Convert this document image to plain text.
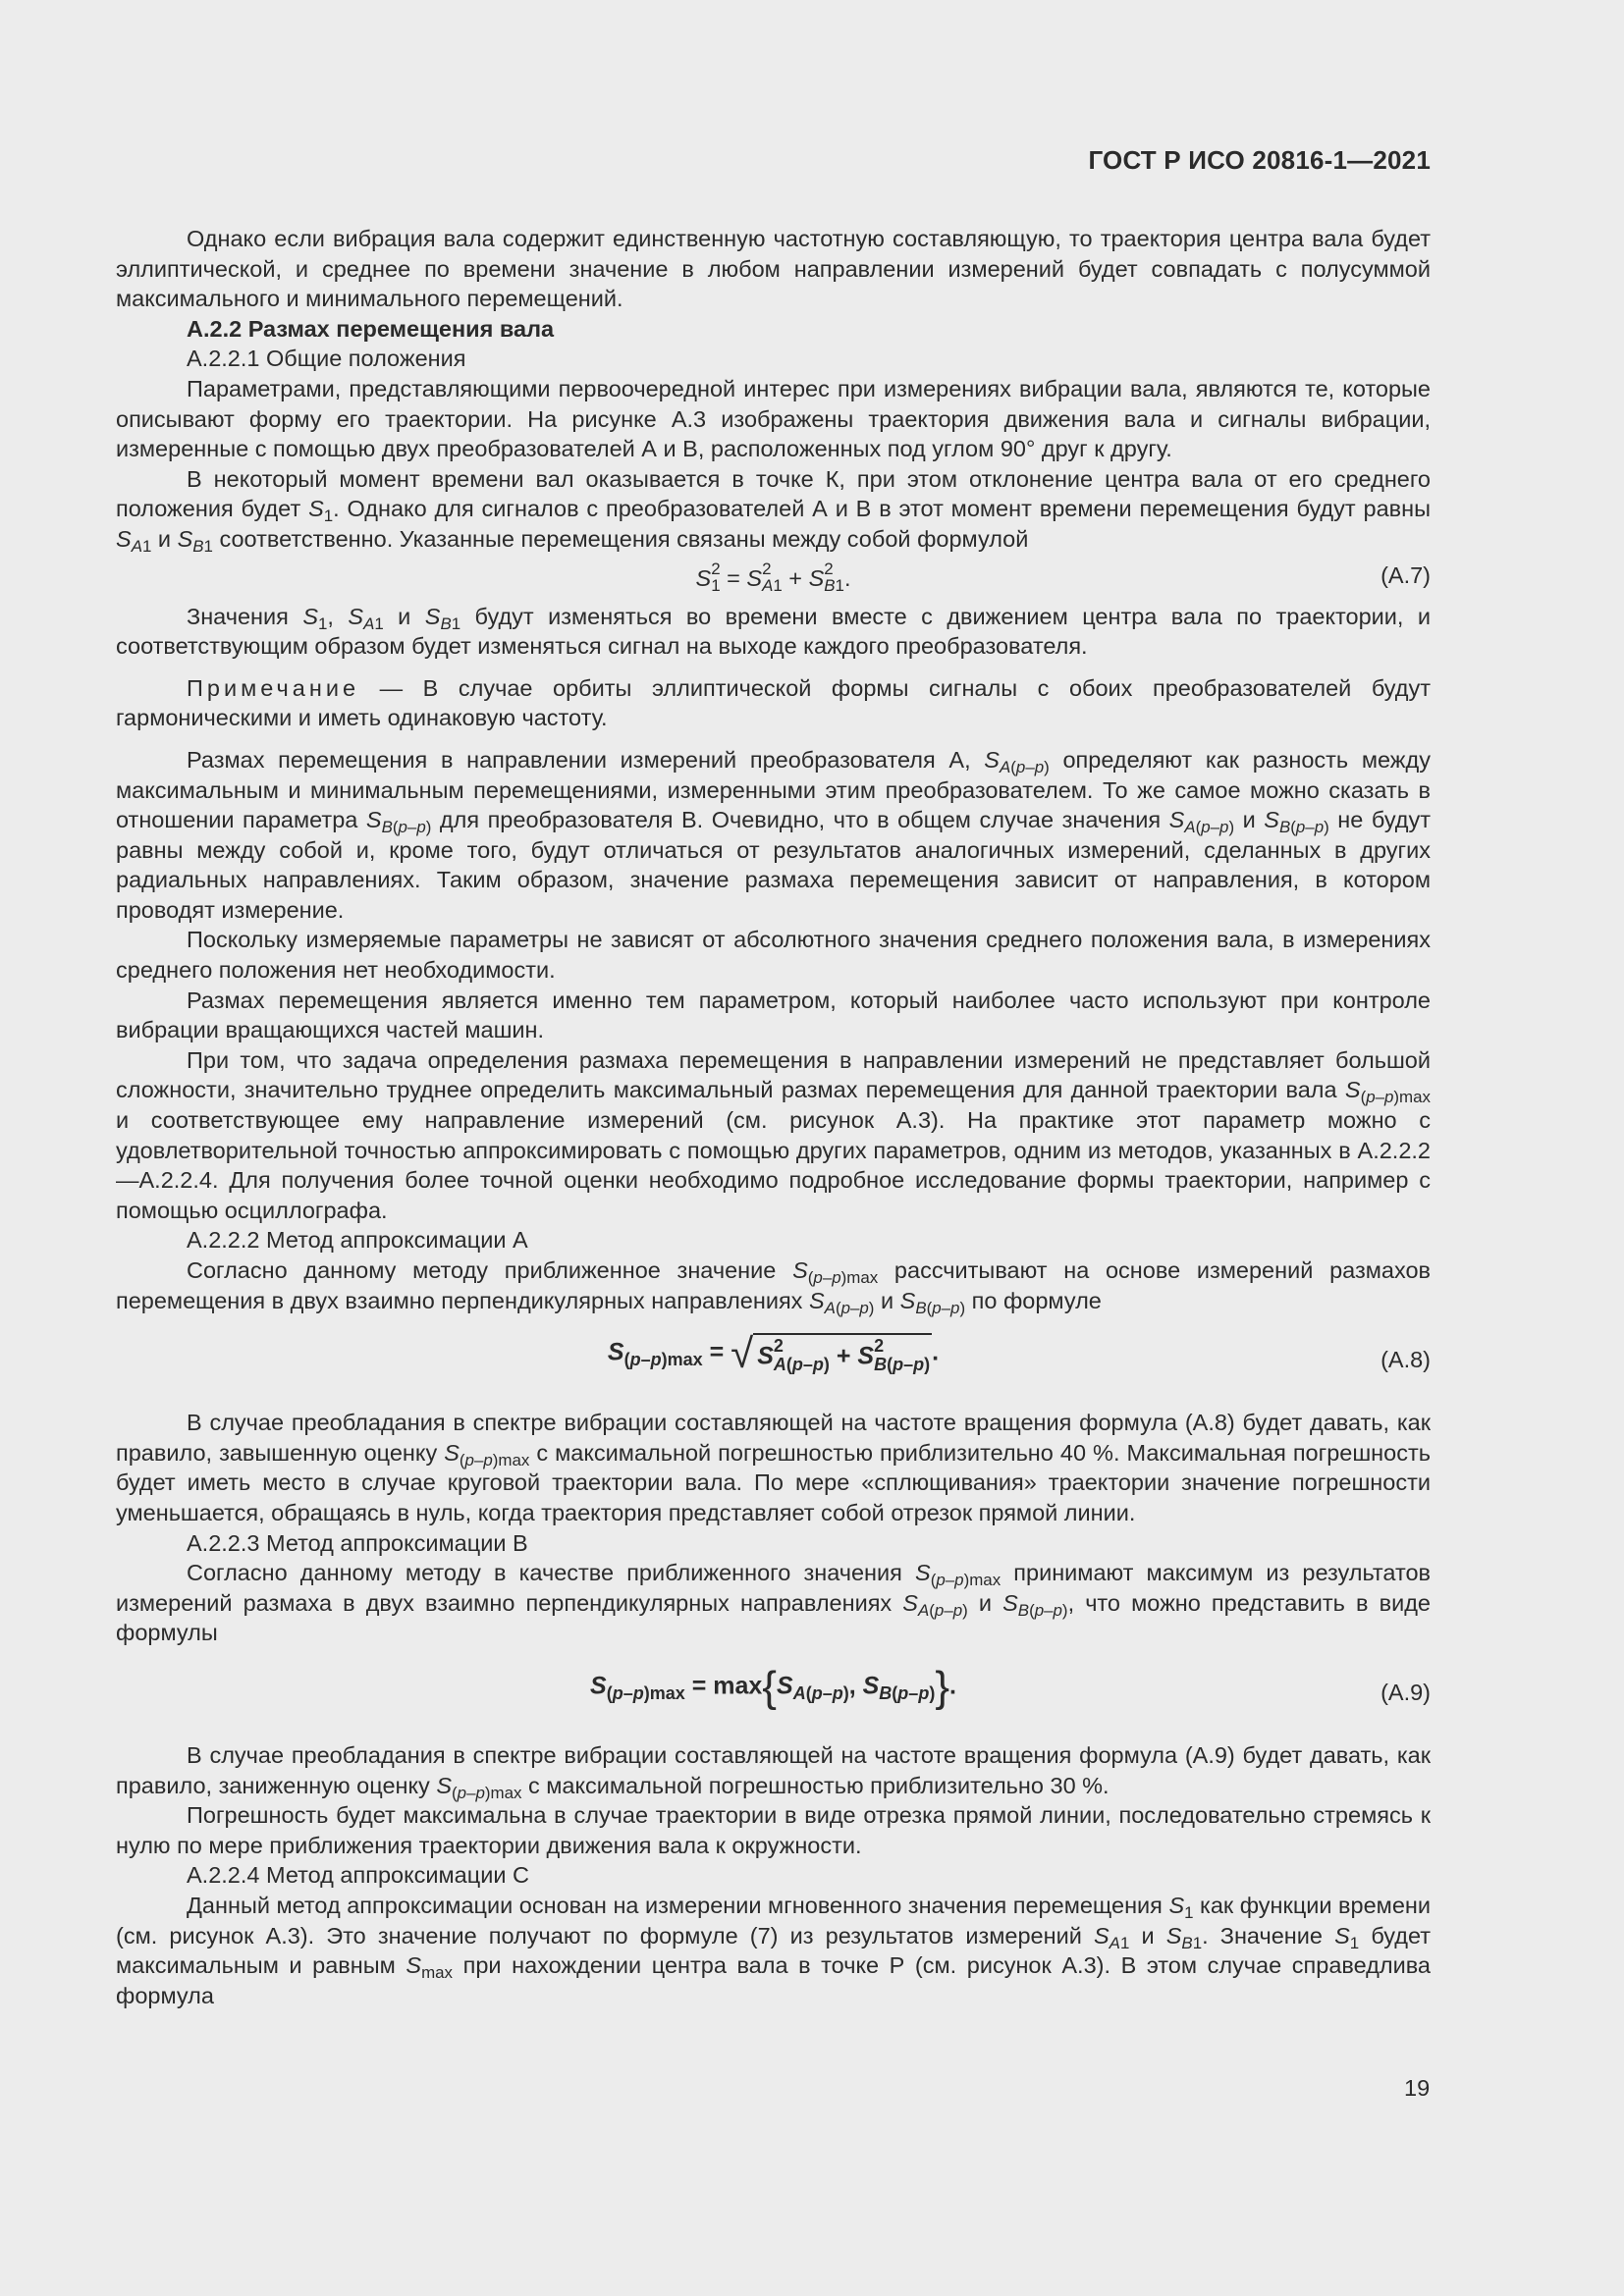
ГОСТ Р ИСО 20816-1—2021

Однако если вибрация вала содержит единственную частотную составляющую, то траектория центра вала будет эллиптической, и среднее по времени значение в любом направлении измерений будет совпадать с полусуммой максимального и минимального перемещений.

А.2.2 Размах перемещения вала

А.2.2.1 Общие положения

Параметрами, представляющими первоочередной интерес при измерениях вибрации вала, являются те, которые описывают форму его траектории. На рисунке А.3 изображены траектория движения вала и сигналы вибрации, измеренные с помощью двух преобразователей А и В, расположенных под углом 90° друг к другу.

В некоторый момент времени вал оказывается в точке К, при этом отклонение центра вала от его среднего положения будет $S_1$. Однако для сигналов с преобразователей А и В в этот момент времени перемещения будут равны $S_{A1}$ и $S_{B1}$ соответственно. Указанные перемещения связаны между собой формулой

S 2
1 = S 2
A1 + S 2
B1 .	(A.7)

Значения $S_1$, $S_{A1}$ и $S_{B1}$ будут изменяться во времени вместе с движением центра вала по траектории, и соответствующим образом будет изменяться сигнал на выходе каждого преобразователя.

Примечание — В случае орбиты эллиптической формы сигналы с обоих преобразователей будут гармоническими и иметь одинаковую частоту.

Размах перемещения в направлении измерений преобразователя А, $S_{A(p-p)}$ определяют как разность между максимальным и минимальным перемещениями, измеренными этим преобразователем. То же самое можно сказать в отношении параметра $S_{B(p-p)}$ для преобразователя В. Очевидно, что в общем случае значения $S_{A(p-p)}$ и $S_{B(p-p)}$ не будут равны между собой и, кроме того, будут отличаться от результатов аналогичных измерений, сделанных в других радиальных направлениях. Таким образом, значение размаха перемещения зависит от направления, в котором проводят измерение.

Поскольку измеряемые параметры не зависят от абсолютного значения среднего положения вала, в измерениях среднего положения нет необходимости.

Размах перемещения является именно тем параметром, который наиболее часто используют при контроле вибрации вращающихся частей машин.

При том, что задача определения размаха перемещения в направлении измерений не представляет большой сложности, значительно труднее определить максимальный размах перемещения для данной траектории вала $S_{(p-p)max}$ и соответствующее ему направление измерений (см. рисунок А.3). На практике этот параметр можно с удовлетворительной точностью аппроксимировать с помощью других параметров, одним из методов, указанных в А.2.2.2—А.2.2.4. Для получения более точной оценки необходимо подробное исследование формы траектории, например с помощью осциллографа.

А.2.2.2 Метод аппроксимации А

Согласно данному методу приближенное значение $S_{(p-p)max}$ рассчитывают на основе измерений размахов перемещения в двух взаимно перпендикулярных направлениях $S_{A(p-p)}$ и $S_{B(p-p)}$ по формуле

$S_{(p-p)max}$ = √ S 2
A(p–p) + S 2
B(p–p) .	(A.8)

В случае преобладания в спектре вибрации составляющей на частоте вращения формула (А.8) будет давать, как правило, завышенную оценку $S_{(p-p)max}$ с максимальной погрешностью приблизительно 40 %. Максимальная погрешность будет иметь место в случае круговой траектории вала. По мере «сплющивания» траектории значение погрешности уменьшается, обращаясь в нуль, когда траектория представляет собой отрезок прямой линии.

А.2.2.3 Метод аппроксимации В

Согласно данному методу в качестве приближенного значения $S_{(p-p)max}$ принимают максимум из результатов измерений размаха в двух взаимно перпендикулярных направлениях $S_{A(p-p)}$ и $S_{B(p-p)}$, что можно представить в виде формулы

$S_{(p-p)max} = \max\{S_{A(p-p)}$, $S_{B(p-p)}$}.	(A.9)

В случае преобладания в спектре вибрации составляющей на частоте вращения формула (А.9) будет давать, как правило, заниженную оценку $S_{(p-p)max}$ с максимальной погрешностью приблизительно 30 %.

Погрешность будет максимальна в случае траектории в виде отрезка прямой линии, последовательно стремясь к нулю по мере приближения траектории движения вала к окружности.

А.2.2.4 Метод аппроксимации С

Данный метод аппроксимации основан на измерении мгновенного значения перемещения $S_1$ как функции времени (см. рисунок А.3). Это значение получают по формуле (7) из результатов измерений $S_{A1}$ и $S_{B1}$. Значение $S_1$ будет максимальным и равным $S_{max}$ при нахождении центра вала в точке Р (см. рисунок А.3). В этом случае справедлива формула

19
